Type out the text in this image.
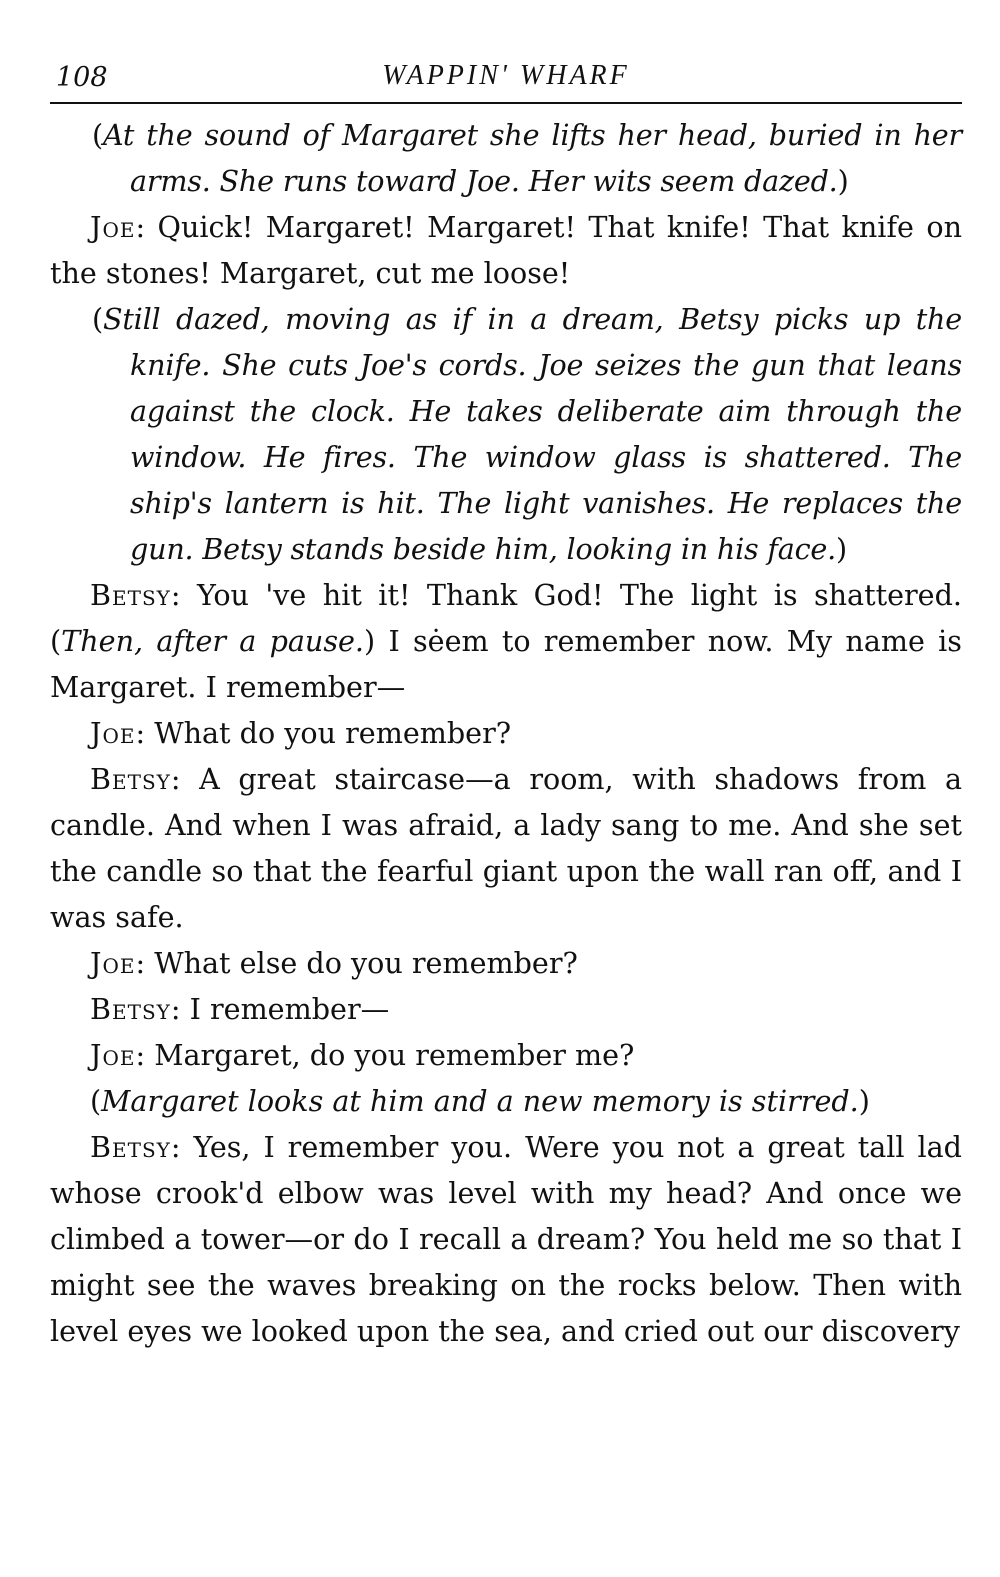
108	WAPPIN' WHARF

(At the sound of Margaret she lifts her head, buried in her arms. She runs toward Joe. Her wits seem dazed.)

Joe: Quick! Margaret! Margaret! That knife! That knife on the stones! Margaret, cut me loose!

(Still dazed, moving as if in a dream, Betsy picks up the knife. She cuts Joe's cords. Joe seizes the gun that leans against the clock. He takes deliberate aim through the window. He fires. The window glass is shattered. The ship's lantern is hit. The light vanishes. He replaces the gun. Betsy stands beside him, looking in his face.)

Betsy: You 've hit it! Thank God! The light is shattered. (Then, after a pause.) I sėem to remember now. My name is Margaret. I remember—

Joe: What do you remember?

Betsy: A great staircase—a room, with shadows from a candle. And when I was afraid, a lady sang to me. And she set the candle so that the fearful giant upon the wall ran off, and I was safe.

Joe: What else do you remember?

Betsy: I remember—

Joe: Margaret, do you remember me?

(Margaret looks at him and a new memory is stirred.)

Betsy: Yes, I remember you. Were you not a great tall lad whose crook'd elbow was level with my head? And once we climbed a tower—or do I recall a dream? You held me so that I might see the waves breaking on the rocks below. Then with level eyes we looked upon the sea, and cried out our discovery
